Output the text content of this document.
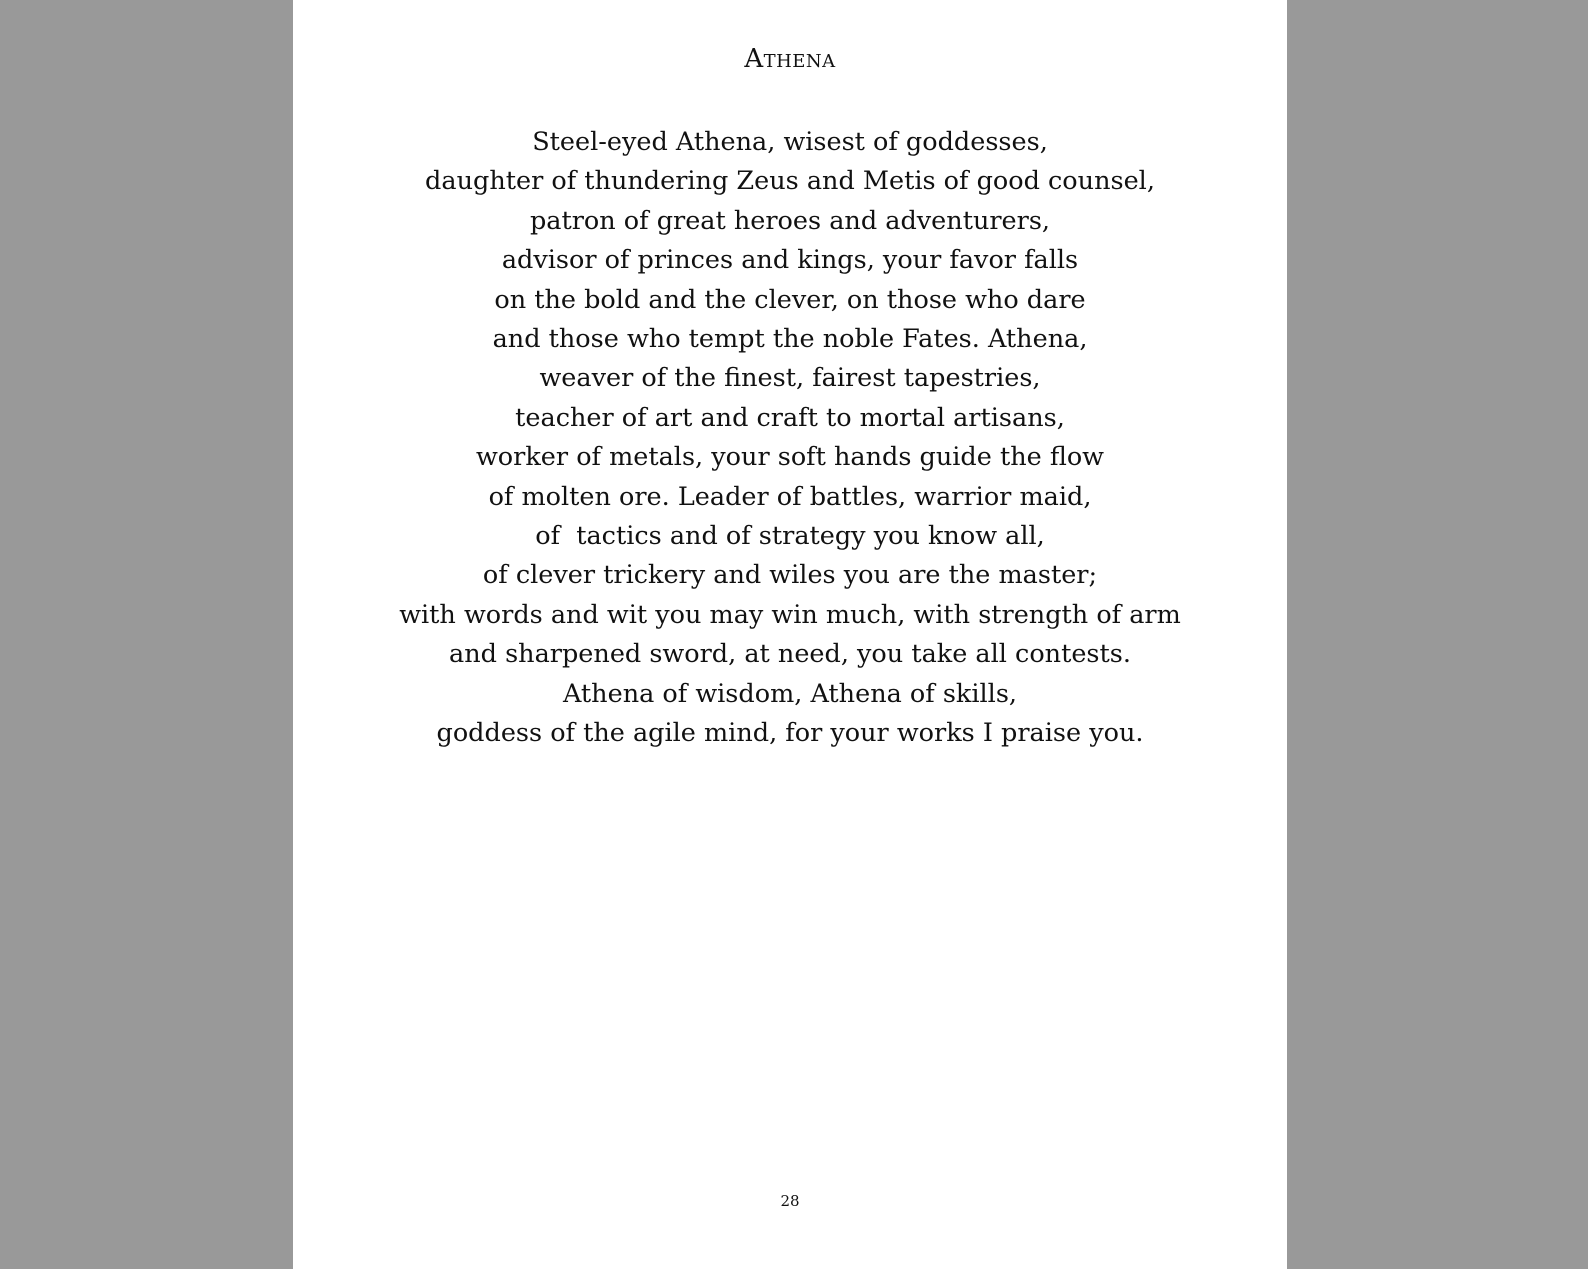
Athena
Steel-eyed Athena, wisest of goddesses,
daughter of thundering Zeus and Metis of good counsel,
patron of great heroes and adventurers,
advisor of princes and kings, your favor falls
on the bold and the clever, on those who dare
and those who tempt the noble Fates. Athena,
weaver of the finest, fairest tapestries,
teacher of art and craft to mortal artisans,
worker of metals, your soft hands guide the flow
of molten ore. Leader of battles, warrior maid,
of  tactics and of strategy you know all,
of clever trickery and wiles you are the master;
with words and wit you may win much, with strength of arm
and sharpened sword, at need, you take all contests.
Athena of wisdom, Athena of skills,
goddess of the agile mind, for your works I praise you.
28
